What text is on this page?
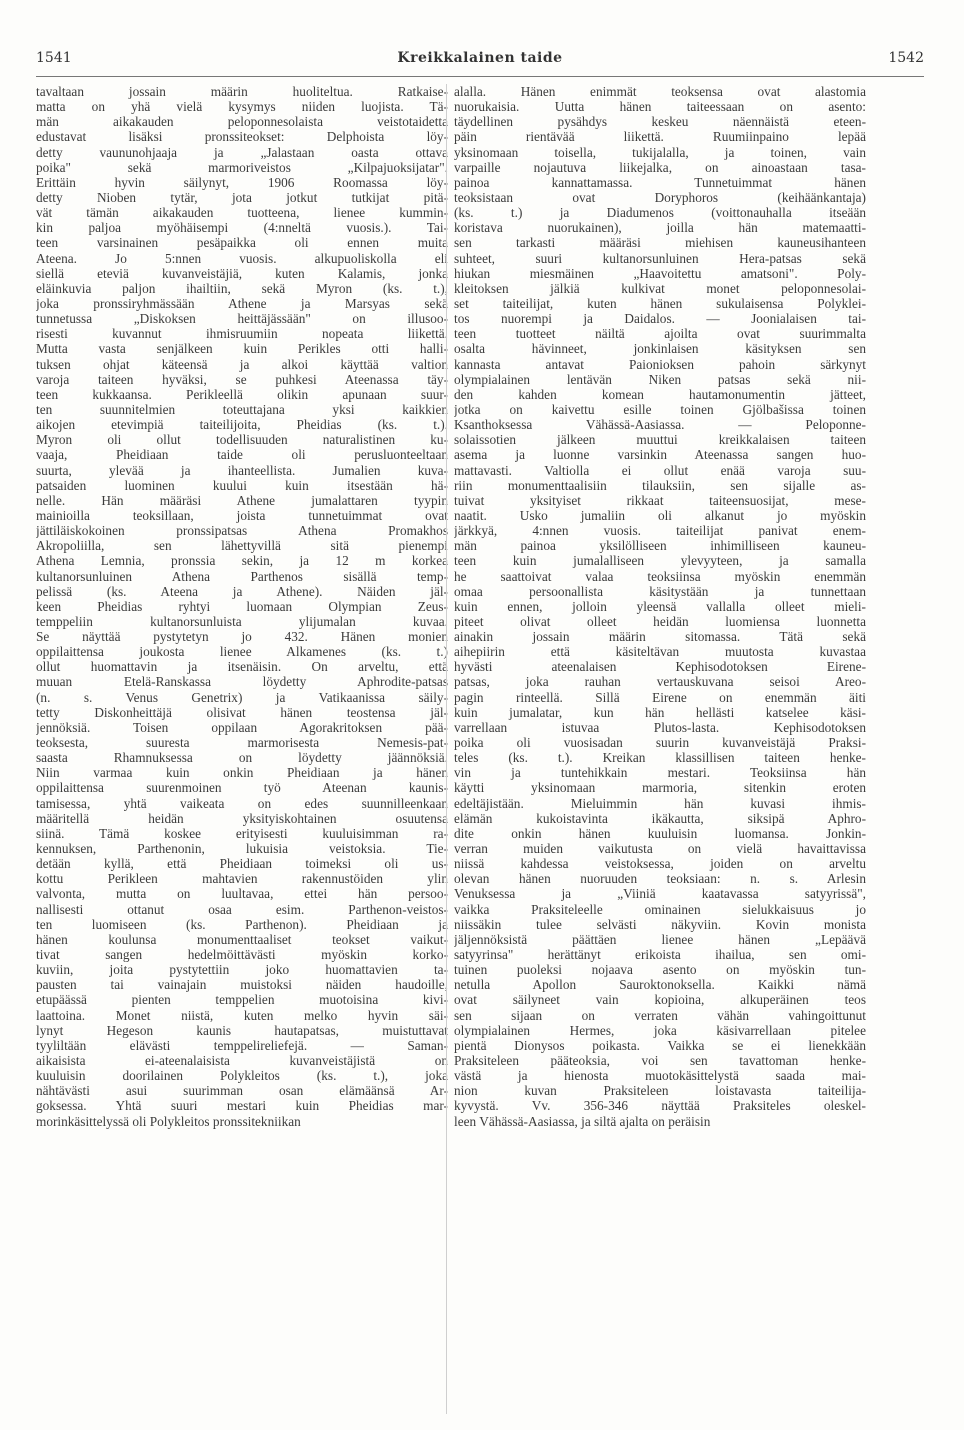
1541	Kreikkalainen taide	1542
tavaltaan jossain määrin huoliteltua. Ratkaise-
matta on yhä vielä kysymys niiden luojista. Tä-
män aikakauden peloponnesolaista veistotaidetta
edustavat lisäksi pronssiteokset: Delphoista löy-
detty vaununohjaaja ja „Jalastaan oasta ottava
poika" sekä marmoriveistos „Kilpajuoksijatar".
Erittäin hyvin säilynyt, 1906 Roomassa löy-
detty Nioben tytär, jota jotkut tutkijat pitä-
vät tämän aikakauden tuotteena, lienee kummin-
kin paljoa myöhäisempi (4:nneltä vuosis.). Tai-
teen varsinainen pesäpaikka oli ennen muita
Ateena. Jo 5:nnen vuosis. alkupuoliskolla eli
siellä eteviä kuvanveistäjiä, kuten Kalamis, jonka
eläinkuvia paljon ihailtiin, sekä Myron (ks. t.),
joka pronssiryhmässään Athene ja Marsyas sekä
tunnetussa „Diskoksen heittäjässään" on illusoo-
risesti kuvannut ihmisruumiin nopeata liikettä.
Mutta vasta senjälkeen kuin Perikles otti halli-
tuksen ohjat käteensä ja alkoi käyttää valtion
varoja taiteen hyväksi, se puhkesi Ateenassa täy-
teen kukkaansa. Perikleellä olikin apunaan suur-
ten suunnitelmien toteuttajana yksi kaikkien
aikojen etevimpiä taiteilijoita, Pheidias (ks. t.).
Myron oli ollut todellisuuden naturalistinen ku-
vaaja, Pheidiaan taide oli perusluonteeltaan
suurta, ylevää ja ihanteellista. Jumalien kuva-
patsaiden luominen kuului kuin itsestään hä-
nelle. Hän määräsi Athene jumalattaren tyypin
mainioilla teoksillaan, joista tunnetuimmat ovat
jättiläiskokoinen pronssipatsas Athena Promakhos
Akropoliilla, sen lähettyvillä sitä pienempi
Athena Lemnia, pronssia sekin, ja 12 m korkea
kultanorsunluinen Athena Parthenos sisällä temp-
pelissä (ks. Ateena ja Athene). Näiden jäl-
keen Pheidias ryhtyi luomaan Olympian Zeus-
temppeliin kultanorsunluista ylijumalan kuvaa.
Se näyttää pystytetyn jo 432. Hänen monien
oppilaittensa joukosta lienee Alkamenes (ks. t.)
ollut huomattavin ja itsenäisin. On arveltu, että
muuan Etelä-Ranskassa löydetty Aphrodite-patsas
(n. s. Venus Genetrix) ja Vatikaanissa säily-
tetty Diskonheittäjä olisivat hänen teostensa jäl-
jennöksiä. Toisen oppilaan Agorakritoksen pää-
teoksesta, suuresta marmorisesta Nemesis-pat-
saasta Rhamnuksessa on löydetty jäännöksiä.
Niin varmaa kuin onkin Pheidiaan ja hänen
oppilaittensa suurenmoinen työ Ateenan kaunis-
tamisessa, yhtä vaikeata on edes suunnilleenkaan
määritellä heidän yksityiskohtainen osuutensa
siinä. Tämä koskee erityisesti kuuluisimman ra-
kennuksen, Parthenonin, lukuisia veistoksia. Tie-
detään kyllä, että Pheidiaan toimeksi oli us-
kottu Perikleen mahtavien rakennustöiden ylin
valvonta, mutta on luultavaa, ettei hän persoo-
nallisesti ottanut osaa esim. Parthenon-veistos-
ten luomiseen (ks. Parthenon). Pheidiaan ja
hänen koulunsa monumenttaaliset teokset vaikut-
tivat sangen hedelmöittävästi myöskin korko-
kuviin, joita pystytettiin joko huomattavien ta-
pausten tai vainajain muistoksi näiden haudoille,
etupäässä pienten temppelien muotoisina kivi-
laattoina. Monet niistä, kuten melko hyvin säi-
lynyt Hegeson kaunis hautapatsas, muistuttavat
tyyliltään elävästi temppelireliefejä. — Saman-
aikaisista ei-ateenalaisista kuvanveistäjistä on
kuuluisin doorilainen Polykleitos (ks. t.), joka
nähtävästi asui suurimman osan elämäänsä Ar-
goksessa. Yhtä suuri mestari kuin Pheidias mar-
morinkäsittelyssä oli Polykleitos pronssitekniikan
alalla. Hänen enimmät teoksensa ovat alastomia
nuorukaisia. Uutta hänen taiteessaan on asento:
täydellinen pysähdys keskeu näennäistä eteen-
päin rientävää liikettä. Ruumiinpaino lepää
yksinomaan toisella, tukijalalla, ja toinen, vain
varpaille nojautuva liikejalka, on ainoastaan tasa-
painoa kannattamassa. Tunnetuimmat hänen
teoksistaan ovat Doryphoros (keihäänkantaja)
(ks. t.) ja Diadumenos (voittonauhalla itseään
koristava nuorukainen), joilla hän matemaatti-
sen tarkasti määräsi miehisen kauneusihanteen
suhteet, suuri kultanorsunluinen Hera-patsas sekä
hiukan miesmäinen „Haavoitettu amatsoni". Poly-
kleitoksen jälkiä kulkivat monet peloponnesolai-
set taiteilijat, kuten hänen sukulaisensa Polyklei-
tos nuorempi ja Daidalos. — Joonialaisen tai-
teen tuotteet näiltä ajoilta ovat suurimmalta
osalta hävinneet, jonkinlaisen käsityksen sen
kannasta antavat Paionioksen pahoin särkynyt
olympialainen lentävän Niken patsas sekä nii-
den kahden komean hautamonumentin jätteet,
jotka on kaivettu esille toinen Gjölbašissa toinen
Ksanthoksessa Vähässä-Aasiassa. — Peloponne-
solaissotien jälkeen muuttui kreikkalaisen taiteen
asema ja luonne varsinkin Ateenassa sangen huo-
mattavasti. Valtiolla ei ollut enää varoja suu-
riin monumenttaalisiin tilauksiin, sen sijalle as-
tuivat yksityiset rikkaat taiteensuosijat, mese-
naatit. Usko jumaliin oli alkanut jo myöskin
järkkyä, 4:nnen vuosis. taiteilijat panivat enem-
män painoa yksilölliseen inhimilliseen kauneu-
teen kuin jumalalliseen ylevyyteen, ja samalla
he saattoivat valaa teoksiinsa myöskin enemmän
omaa persoonallista käsitystään ja tunnettaan
kuin ennen, jolloin yleensä vallalla olleet mieli-
piteet olivat olleet heidän luomiensa luonnetta
ainakin jossain määrin sitomassa. Tätä sekä
aihepiirin että käsiteltävan muutosta kuvastaa
hyvästi ateenalaisen Kephisodotoksen Eirene-
patsas, joka rauhan vertauskuvana seisoi Areo-
pagin rinteellä. Sillä Eirene on enemmän äiti
kuin jumalatar, kun hän hellästi katselee käsi-
varrellaan istuvaa Plutos-lasta. Kephisodotoksen
poika oli vuosisadan suurin kuvanveistäjä Praksi-
teles (ks. t.). Kreikan klassillisen taiteen henke-
vin ja tuntehikkain mestari. Teoksiinsa hän
käytti yksinomaan marmoria, sitenkin eroten
edeltäjistään. Mieluimmin hän kuvasi ihmis-
elämän kukoistavinta ikäkautta, siksipä Aphro-
dite onkin hänen kuuluisin luomansa. Jonkin-
verran muiden vaikutusta on vielä havaittavissa
niissä kahdessa veistoksessa, joiden on arveltu
olevan hänen nuoruuden teoksiaan: n. s. Arlesin
Venuksessa ja „Viiniä kaatavassa satyyrissä",
vaikka Praksiteleelle ominainen sielukkaisuus jo
niissäkin tulee selvästi näkyviin. Kovin monista
jäljennöksistä päättäen lienee hänen „Lepäävä
satyyrinsa" herättänyt erikoista ihailua, sen omi-
tuinen puoleksi nojaava asento on myöskin tun-
netulla Apollon Sauroktonoksella. Kaikki nämä
ovat säilyneet vain kopioina, alkuperäinen teos
sen sijaan on verraten vähän vahingoittunut
olympialainen Hermes, joka käsivarrellaan pitelee
pientä Dionysos poikasta. Vaikka se ei lienekkään
Praksiteleen pääteoksia, voi sen tavattoman henke-
västä ja hienosta muotokäsittelystä saada mai-
nion kuvan Praksiteleen loistavasta taiteilija-
kyvystä. Vv. 356-346 näyttää Praksiteles oleskel-
leen Vähässä-Aasiassa, ja siltä ajalta on peräisin
